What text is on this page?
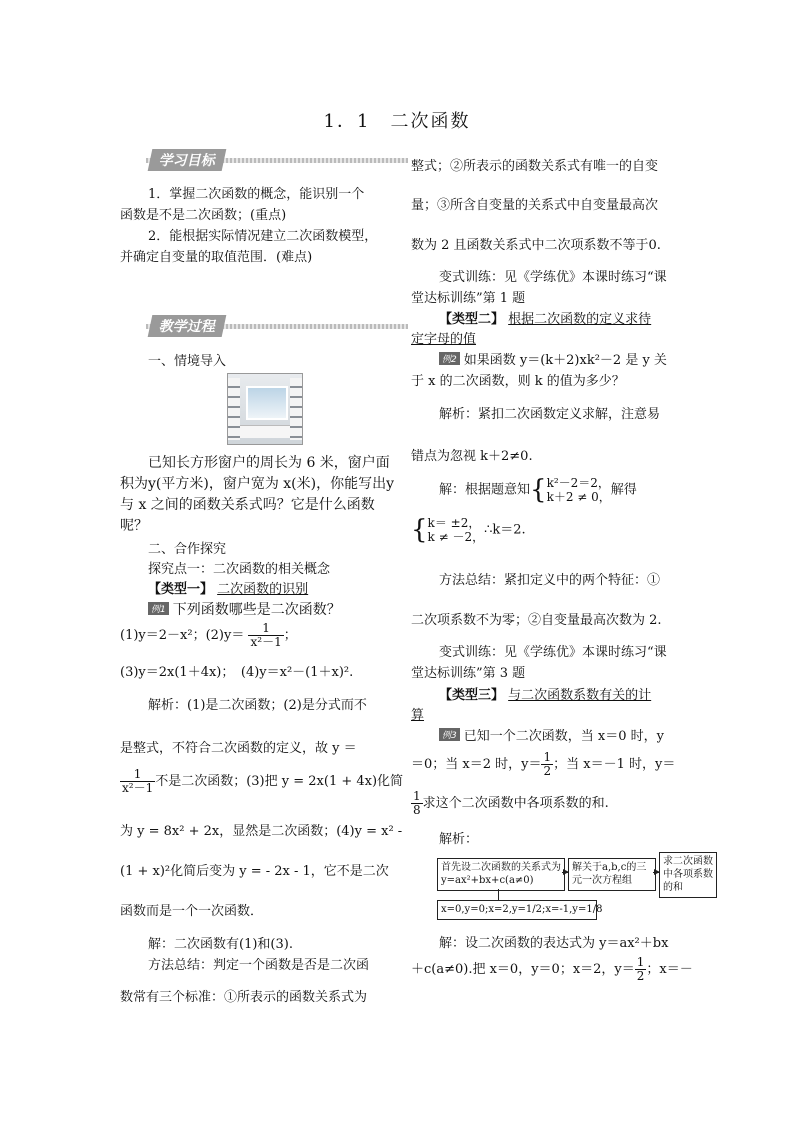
1．1　二次函数
学习目标
1．掌握二次函数的概念，能识别一个
函数是不是二次函数；(重点)
2．能根据实际情况建立二次函数模型，
并确定自变量的取值范围．(难点)
教学过程
一、情境导入
已知长方形窗户的周长为 6 米，窗户面
积为y(平方米)，窗户宽为 x(米)，你能写出y
与 x 之间的函数关系式吗？它是什么函数
呢？
二、合作探究
探究点一：二次函数的相关概念
【类型一】 二次函数的识别
例1 下列函数哪些是二次函数？
(1)y＝2－x²；$(2)y= \frac{1}{\text{x²－1}}$ ；
(3)y＝2x(1＋4x)；　(4)y＝x²－(1＋x)².
解析：(1)是二次函数；(2)是分式而不
是整式，不符合二次函数的定义，故 y ＝
$\frac{1}{\text{x²－1}}$ 不是二次函数；(3)把 y = 2x(1 + 4x)化简
为 y = 8x² + 2x，显然是二次函数；(4)y = x² -
(1 + x)²化简后变为 y = - 2x - 1，它不是二次
函数而是一个一次函数．
解：二次函数有(1)和(3).
方法总结：判定一个函数是否是二次函
数常有三个标准：①所表示的函数关系式为
整式；②所表示的函数关系式有唯一的自变
量；③所含自变量的关系式中自变量最高次
数为 2 且函数关系式中二次项系数不等于0.
变式训练：见《学练优》本课时练习“课
堂达标训练”第 1 题
【类型二】 根据二次函数的定义求待
定字母的值
例2 如果函数 y＝(k＋2)xk²－2 是 y 关
于 x 的二次函数，则 k 的值为多少？
解析：紧扣二次函数定义求解，注意易
错点为忽视 k＋2≠0.
解：根据题意知{ k²－2＝2，
k＋2 ≠ 0， 解得
{ k＝ ±2，
k ≠ －2， ∴k＝2.
方法总结：紧扣定义中的两个特征：①
二次项系数不为零；②自变量最高次数为 2.
变式训练：见《学练优》本课时练习“课
堂达标训练”第 3 题
【类型三】 与二次函数系数有关的计
算
例3 已知一个二次函数，当 x＝0 时，y
＝0；当 x＝2 时，$y= \frac{1}{2}$ ；当 x＝－1 时，y＝
$\frac{1}{8}$ 求这个二次函数中各项系数的和.
解析：
首先设二次函数的关系式为y=ax²+bx+c(a≠0)
解关于a,b,c的三元一次方程组
求二次函数中各项系数的和
x=0,y=0;x=2,y=1/2;x=-1,y=1/8
解：设二次函数的表达式为 y＝ax²＋bx
＋c(a≠0).把 x＝0，y＝0；x＝2，$y= \frac{1}{2}$ ；x＝－
